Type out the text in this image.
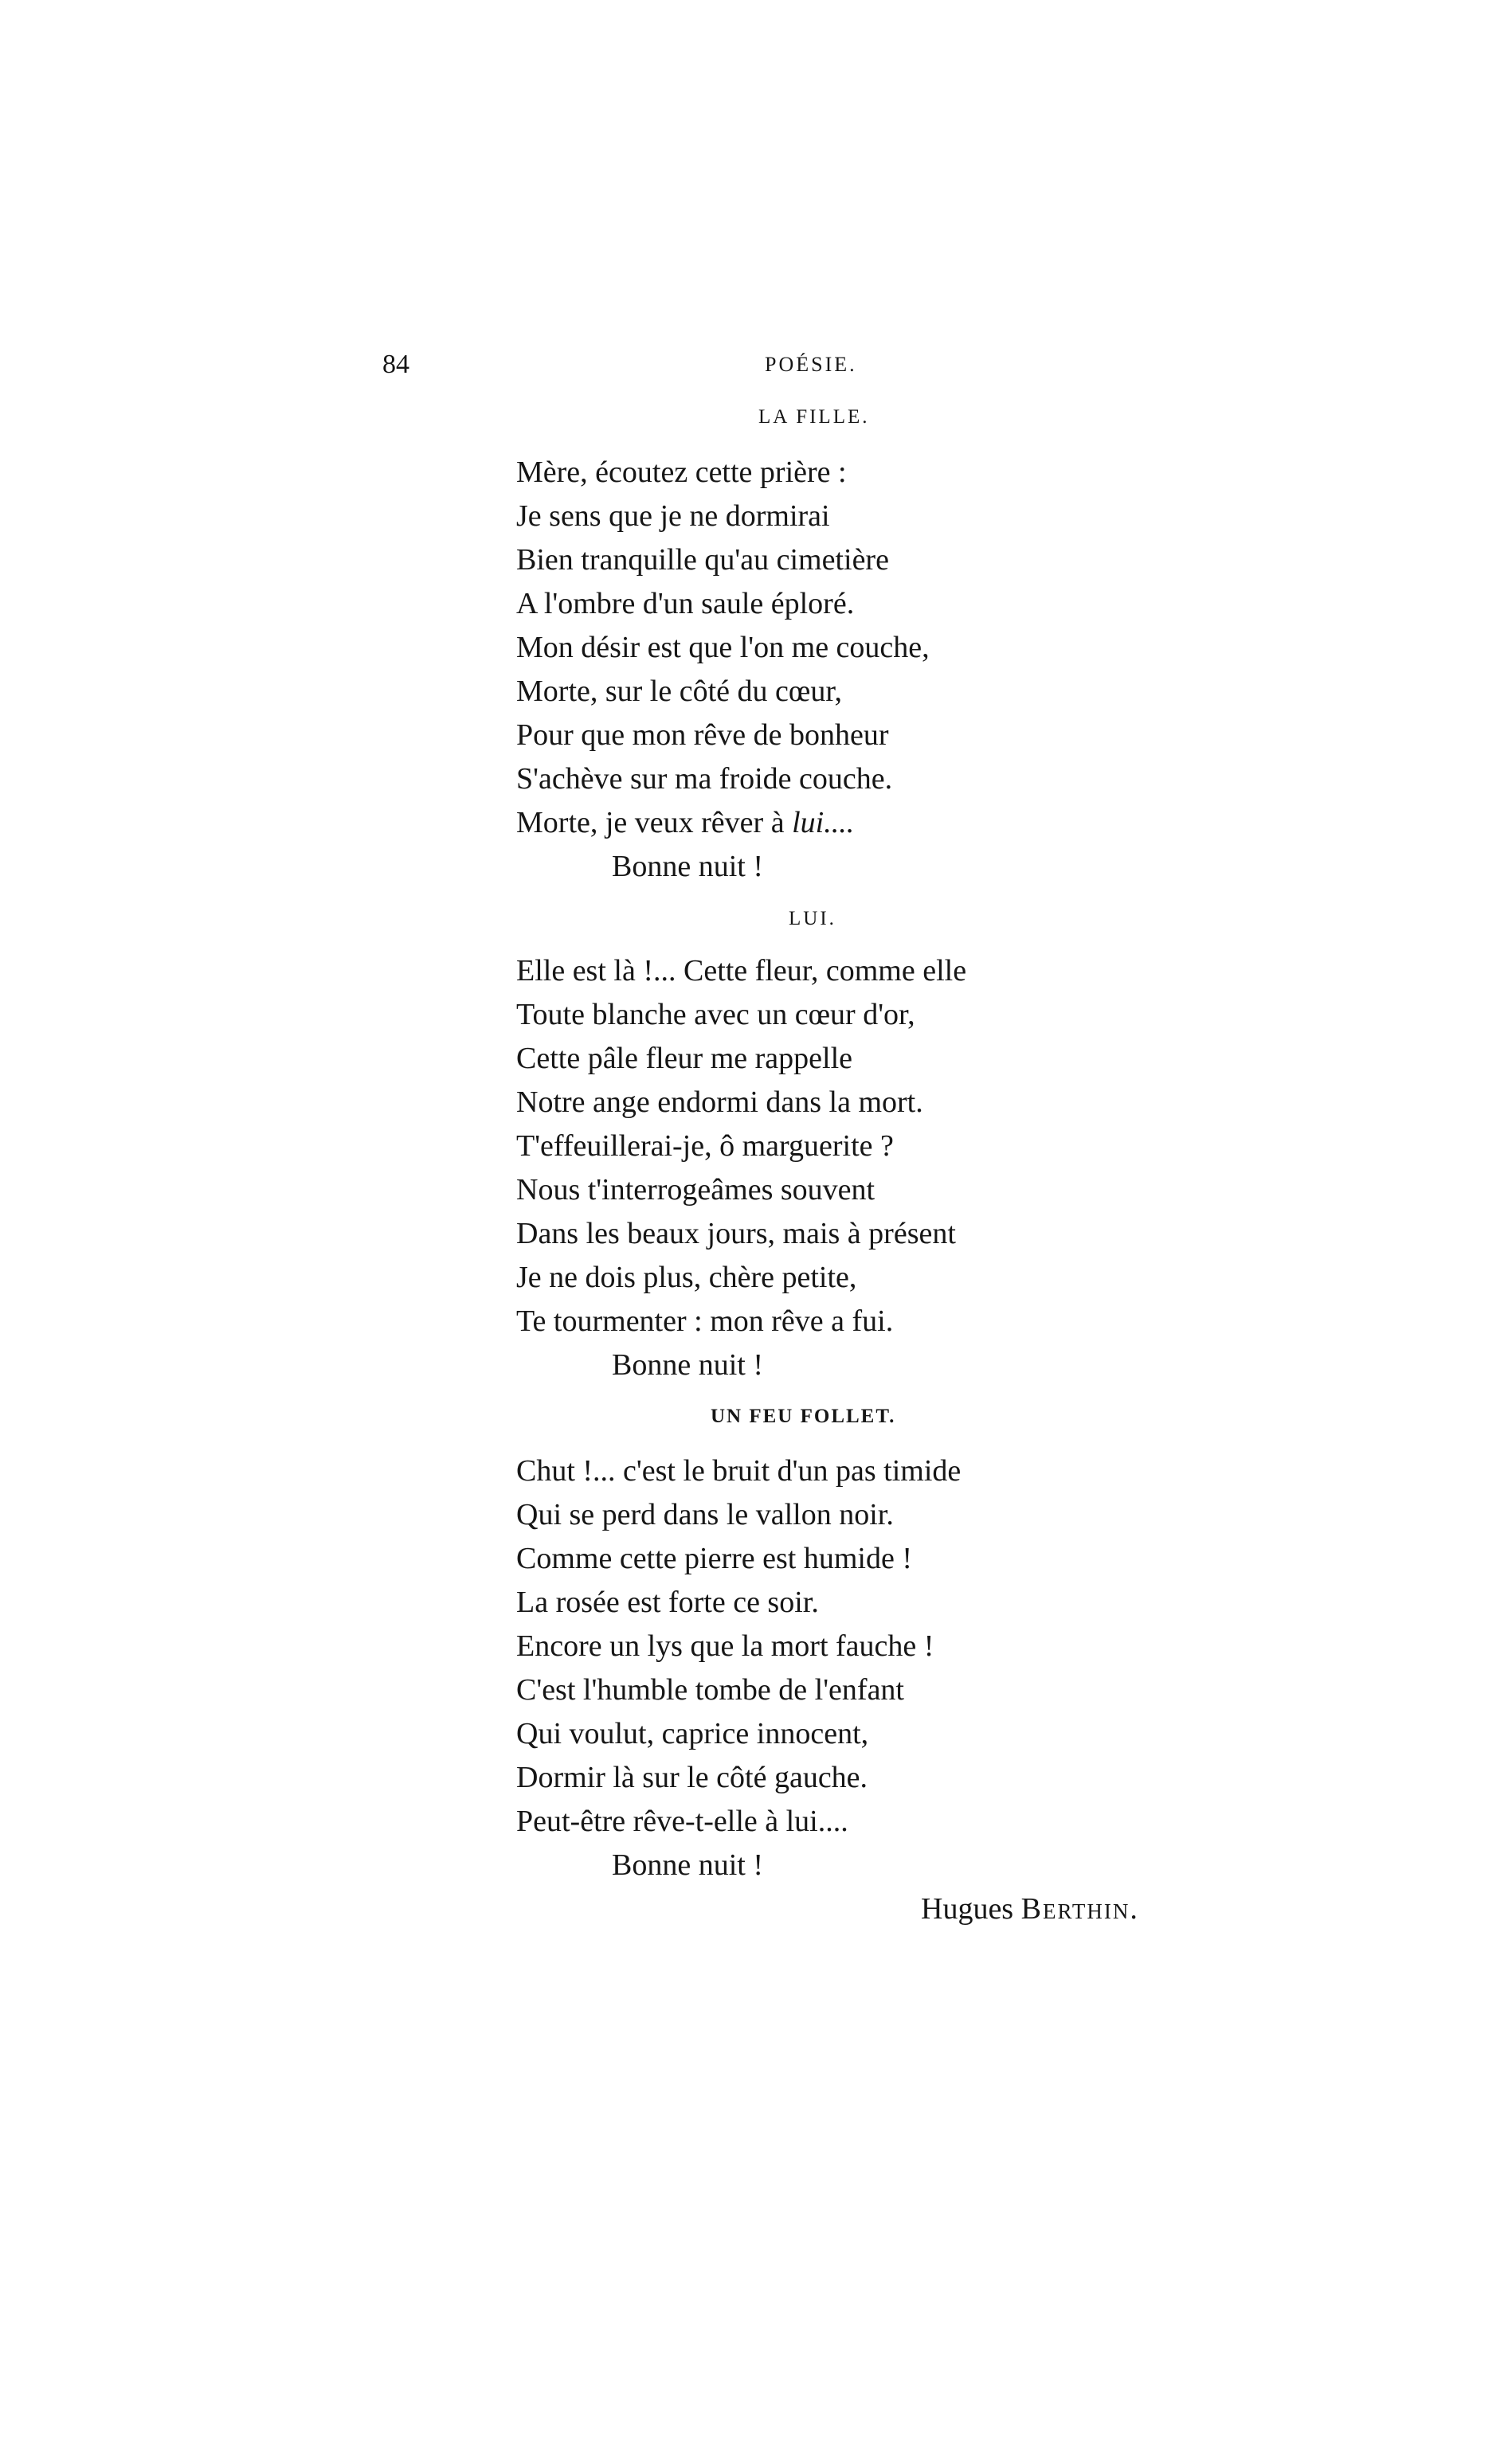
84	POÉSIE.
LA FILLE.
Mère, écoutez cette prière :
Je sens que je ne dormirai
Bien tranquille qu'au cimetière
A l'ombre d'un saule éploré.
Mon désir est que l'on me couche,
Morte, sur le côté du cœur,
Pour que mon rêve de bonheur
S'achève sur ma froide couche.
Morte, je veux rêver à lui....
Bonne nuit !
LUI.
Elle est là !... Cette fleur, comme elle
Toute blanche avec un cœur d'or,
Cette pâle fleur me rappelle
Notre ange endormi dans la mort.
T'effeuillerai-je, ô marguerite ?
Nous t'interrogeâmes souvent
Dans les beaux jours, mais à présent
Je ne dois plus, chère petite,
Te tourmenter : mon rêve a fui.
Bonne nuit !
UN FEU FOLLET.
Chut !... c'est le bruit d'un pas timide
Qui se perd dans le vallon noir.
Comme cette pierre est humide !
La rosée est forte ce soir.
Encore un lys que la mort fauche !
C'est l'humble tombe de l'enfant
Qui voulut, caprice innocent,
Dormir là sur le côté gauche.
Peut-être rêve-t-elle à lui....
Bonne nuit !
Hugues Berthin.
